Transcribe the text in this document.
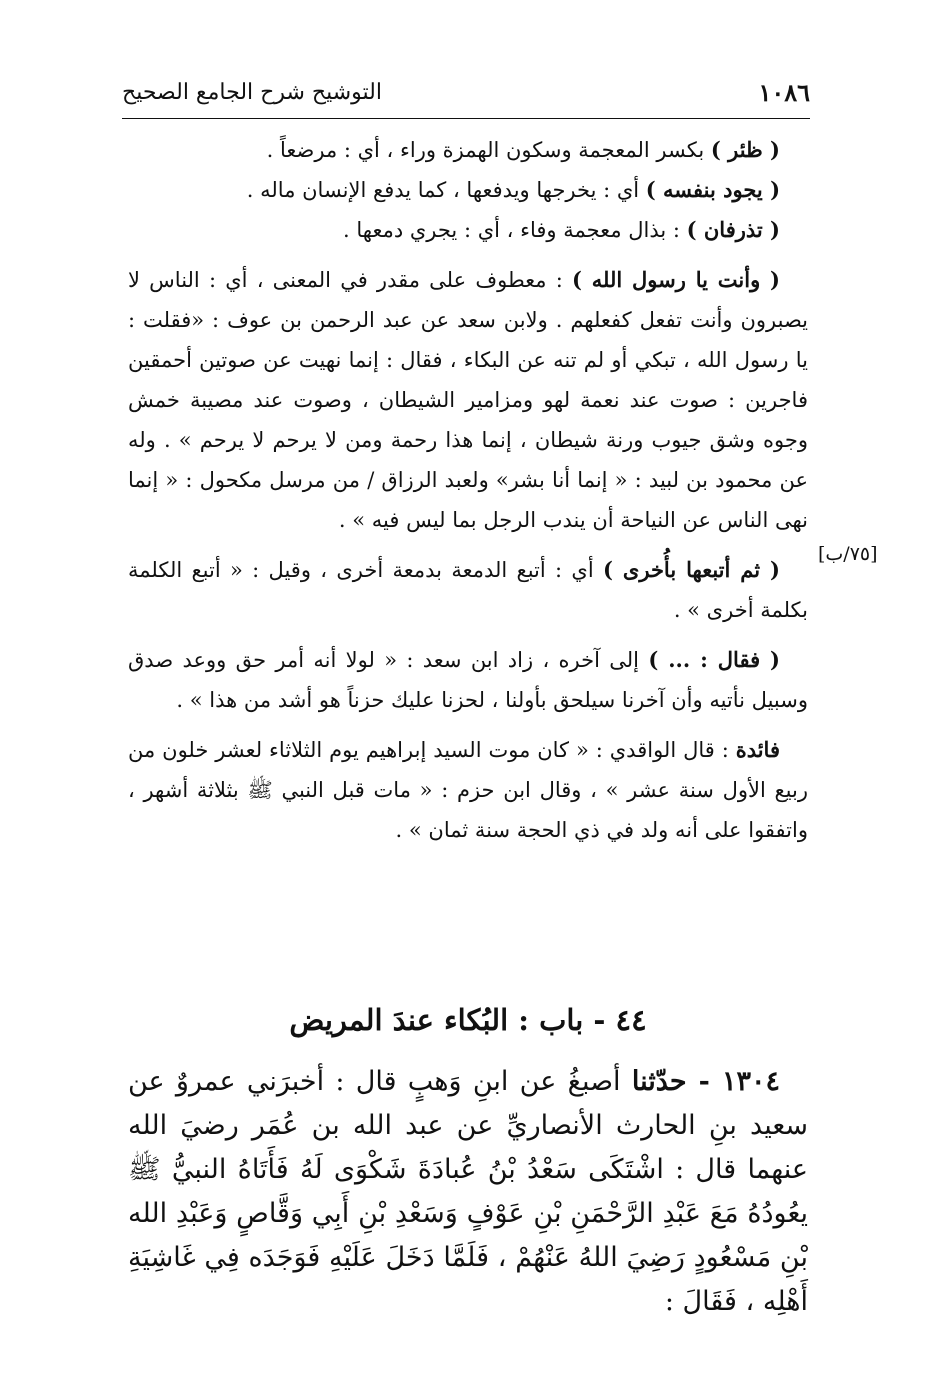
١٠٨٦
التوشيح شرح الجامع الصحيح

( ظئر ) بكسر المعجمة وسكون الهمزة وراء ، أي : مرضعاً .

( يجود بنفسه ) أي : يخرجها ويدفعها ، كما يدفع الإنسان ماله .

( تذرفان ) : بذال معجمة وفاء ، أي : يجري دمعها .

( وأنت يا رسول الله ) : معطوف على مقدر في المعنى ، أي : الناس لا يصبرون وأنت تفعل كفعلهم . ولابن سعد عن عبد الرحمن بن عوف : «فقلت : يا رسول الله ، تبكي أو لم تنه عن البكاء ، فقال : إنما نهيت عن صوتين أحمقين فاجرين : صوت عند نعمة لهو ومزامير الشيطان ، وصوت عند مصيبة خمش وجوه وشق جيوب ورنة شيطان ، إنما هذا رحمة ومن لا يرحم لا يرحم » . وله عن محمود بن لبيد : « إنما أنا بشر» ولعبد الرزاق / من مرسل مكحول : « إنما نهى الناس عن النياحة أن يندب الرجل بما ليس فيه » .

( ثم أتبعها بأُخرى ) أي : أتبع الدمعة بدمعة أخرى ، وقيل : « أتبع الكلمة بكلمة أخرى » .

( فقال : ... ) إلى آخره ، زاد ابن سعد : « لولا أنه أمر حق ووعد صدق وسبيل نأتيه وأن آخرنا سيلحق بأولنا ، لحزنا عليك حزناً هو أشد من هذا » .

فائدة : قال الواقدي : « كان موت السيد إبراهيم يوم الثلاثاء لعشر خلون من ربيع الأول سنة عشر » ، وقال ابن حزم : « مات قبل النبي ﷺ بثلاثة أشهر ، واتفقوا على أنه ولد في ذي الحجة سنة ثمان » .

[٧٥/ب]
٤٤ - باب : البُكاء عندَ المريض

١٣٠٤ - حدّثنا أصبغُ عن ابنِ وَهبٍ قال : أخبرَني عمروٌ عن سعيد بنِ الحارث الأنصاريِّ عن عبد الله بن عُمَر رضيَ الله عنهما قال : اشْتَكَى سَعْدُ بْنُ عُبادَةَ شَكْوَى لَهُ فَأَتَاهُ النبيُّ ﷺ يعُودُهُ مَعَ عَبْدِ الرَّحْمَنِ بْنِ عَوْفٍ وَسَعْدِ بْنِ أَبِي وَقَّاصٍ وَعَبْدِ الله بْنِ مَسْعُودٍ رَضِيَ اللهُ عَنْهُمْ ، فَلَمَّا دَخَلَ عَلَيْهِ فَوَجَدَه فِي غَاشِيَةِ أَهْلِه ، فَقَالَ :
